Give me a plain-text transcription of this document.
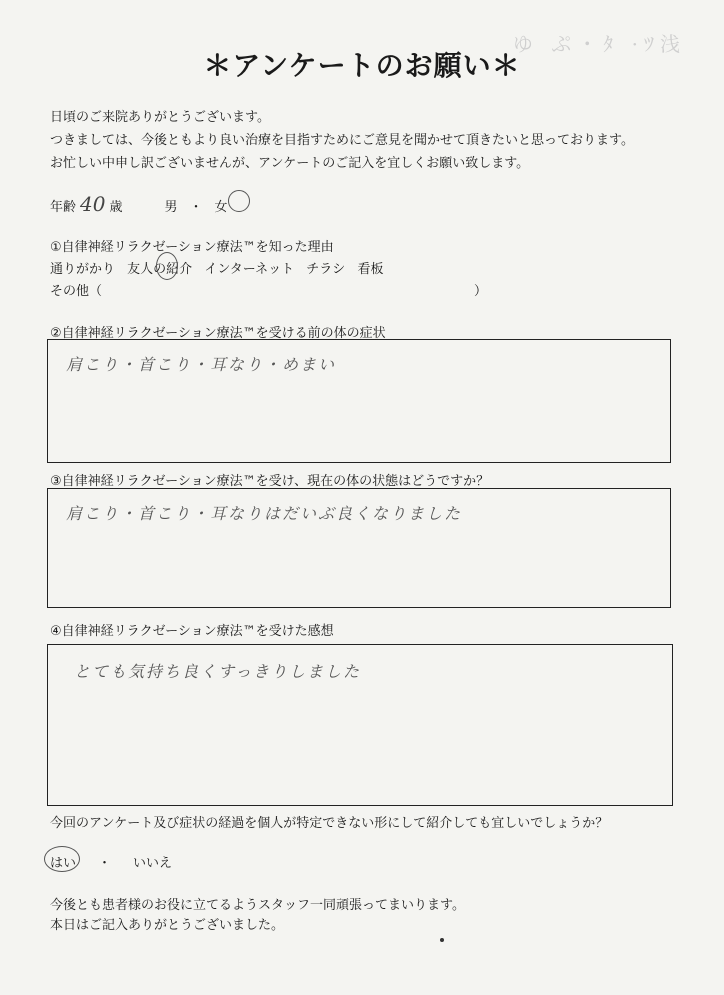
ゆ ぷ・ﾀ ·ﾂ浅
＊アンケートのお願い＊
日頃のご来院ありがとうございます。
つきましては、今後ともより良い治療を目指すためにご意見を聞かせて頂きたいと思っております。
お忙しい中申し訳ございませんが、アンケートのご記入を宜しくお願い致します。
年齢 40 歳	男 ・ 女
①自律神経リラクゼーション療法™を知った理由
通りがかり 友人の紹介 インターネット チラシ 看板
その他（	）
②自律神経リラクゼーション療法™を受ける前の体の症状
肩こり・首こり・耳なり・めまい
③自律神経リラクゼーション療法™を受け、現在の体の状態はどうですか？
肩こり・首こり・耳なりはだいぶ良くなりました
④自律神経リラクゼーション療法™を受けた感想
とても気持ち良くすっきりしました
今回のアンケート及び症状の経過を個人が特定できない形にして紹介しても宜しいでしょうか？
はい ・ いいえ
今後とも患者様のお役に立てるようスタッフ一同頑張ってまいります。
本日はご記入ありがとうございました。
